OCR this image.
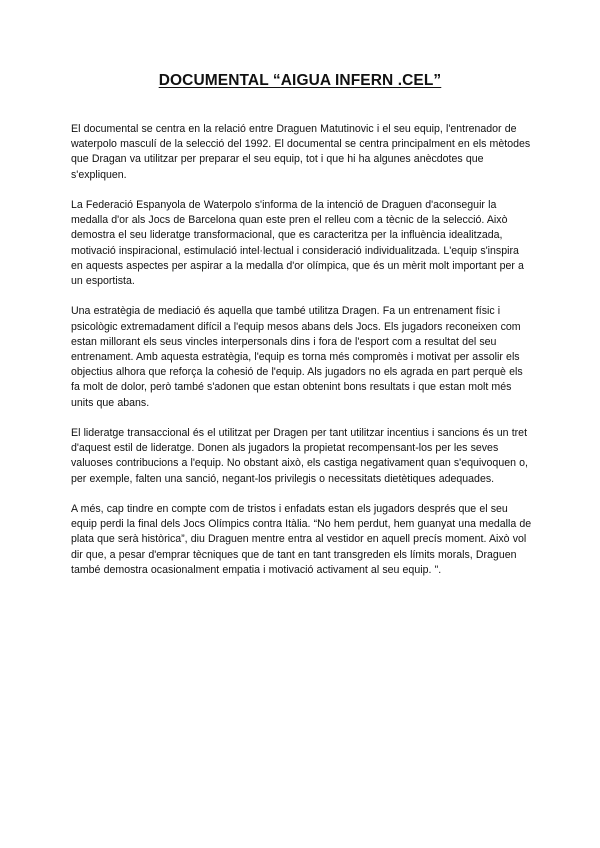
DOCUMENTAL “AIGUA INFERN .CEL”

El documental se centra en la relació entre Draguen Matutinovic i el seu equip, l'entrenador de waterpolo masculí de la selecció del 1992. El documental se centra principalment en els mètodes que Dragan va utilitzar per preparar el seu equip, tot i que hi ha algunes anècdotes que s'expliquen.

La Federació Espanyola de Waterpolo s'informa de la intenció de Draguen d'aconseguir la medalla d'or als Jocs de Barcelona quan este pren el relleu com a tècnic de la selecció. Això demostra el seu lideratge transformacional, que es caracteritza per la influència idealitzada, motivació inspiracional, estimulació intel·lectual i consideració individualitzada. L'equip s'inspira en aquests aspectes per aspirar a la medalla d'or olímpica, que és un mèrit molt important per a un esportista.

Una estratègia de mediació és aquella que també utilitza Dragen. Fa un entrenament físic i psicològic extremadament difícil a l'equip mesos abans dels Jocs. Els jugadors reconeixen com estan millorant els seus vincles interpersonals dins i fora de l'esport com a resultat del seu entrenament. Amb aquesta estratègia, l'equip es torna més compromès i motivat per assolir els objectius alhora que reforça la cohesió de l'equip. Als jugadors no els agrada en part perquè els fa molt de dolor, però també s'adonen que estan obtenint bons resultats i que estan molt més units que abans.

El lideratge transaccional és el utilitzat per Dragen per tant utilitzar incentius i sancions és un tret d'aquest estil de lideratge. Donen als jugadors la propietat recompensant-los per les seves valuoses contribucions a l'equip. No obstant això, els castiga negativament quan s'equivoquen o, per exemple, falten una sanció, negant-los privilegis o necessitats dietètiques adequades.

A més, cap tindre en compte com de tristos i enfadats estan els jugadors després que el seu equip perdi la final dels Jocs Olímpics contra Itàlia. “No hem perdut, hem guanyat una medalla de plata que serà històrica”, diu Draguen mentre entra al vestidor en aquell precís moment. Això vol dir que, a pesar d'emprar tècniques que de tant en tant transgreden els límits morals, Draguen també demostra ocasionalment empatia i motivació activament al seu equip. ".
